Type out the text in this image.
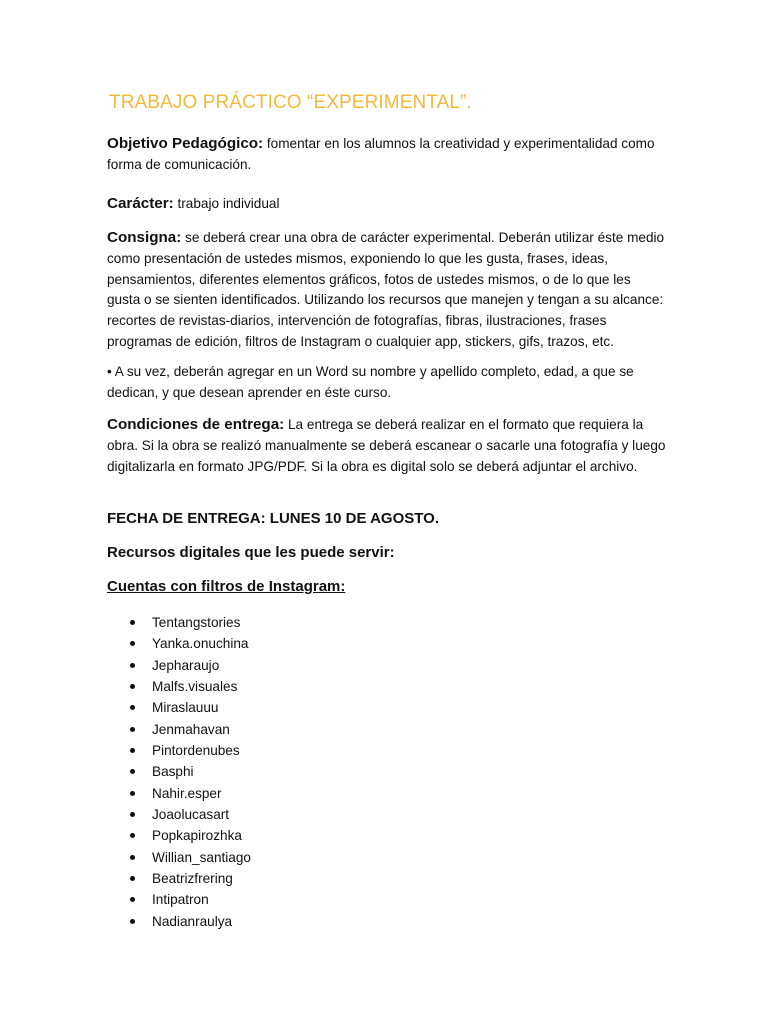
TRABAJO PRÁCTICO “EXPERIMENTAL”.
Objetivo Pedagógico: fomentar en los alumnos la creatividad y experimentalidad como forma de comunicación.
Carácter: trabajo individual
Consigna: se deberá crear una obra de carácter experimental. Deberán utilizar éste medio como presentación de ustedes mismos, exponiendo lo que les gusta, frases, ideas, pensamientos, diferentes elementos gráficos, fotos de ustedes mismos, o de lo que les gusta o se sienten identificados. Utilizando los recursos que manejen y tengan a su alcance: recortes de revistas-diarios, intervención de fotografías, fibras, ilustraciones, frases programas de edición, filtros de Instagram o cualquier app, stickers, gifs, trazos, etc.
• A su vez, deberán agregar en un Word su nombre y apellido completo, edad, a que se dedican, y que desean aprender en éste curso.
Condiciones de entrega: La entrega se deberá realizar en el formato que requiera la obra. Si la obra se realizó manualmente se deberá escanear o sacarle una fotografía y luego digitalizarla en formato JPG/PDF. Si la obra es digital solo se deberá adjuntar el archivo.
FECHA DE ENTREGA: LUNES 10 DE AGOSTO.
Recursos digitales que les puede servir:
Cuentas con filtros de Instagram:
Tentangstories
Yanka.onuchina
Jepharaujo
Malfs.visuales
Miraslauuu
Jenmahavan
Pintordenubes
Basphi
Nahir.esper
Joaolucasart
Popkapirozhka
Willian_santiago
Beatrizfrering
Intipatron
Nadianraulya
